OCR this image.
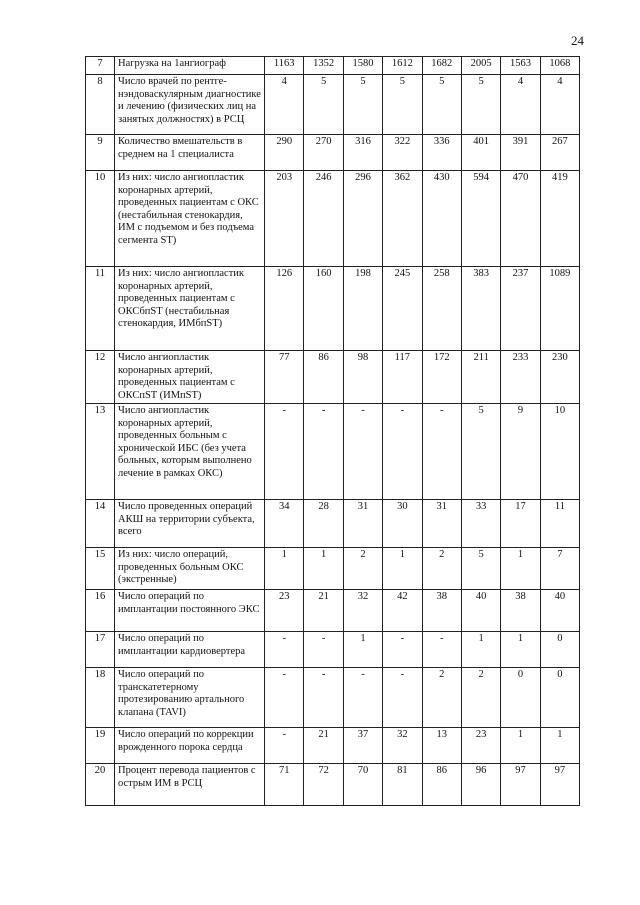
24
7	Нагрузка на 1ангиограф	1163	1352	1580	1612	1682	2005	1563	1068
8	Число врачей по рентге-нэндоваскулярным диагностике и лечению (физических лиц на занятых должностях) в РСЦ	4	5	5	5	5	5	4	4
9	Количество вмешательств в среднем на 1 специалиста	290	270	316	322	336	401	391	267
10	Из них: число ангиопластик коронарных артерий, проведенных пациентам с ОКС (нестабильная стенокардия, ИМ с подъемом и без подъема сегмента ST)	203	246	296	362	430	594	470	419
11	Из них: число ангиопластик коронарных артерий, проведенных пациентам с ОКСбпST (нестабильная стенокардия, ИМбпST)	126	160	198	245	258	383	237	1089
12	Число ангиопластик коронарных артерий, проведенных пациентам с ОКСпST (ИМпST)	77	86	98	117	172	211	233	230
13	Число ангиопластик коронарных артерий, проведенных больным с хронической ИБС (без учета больных, которым выполнено лечение в рамках ОКС)	-	-	-	-	-	5	9	10
14	Число проведенных операций АКШ на территории субъекта, всего	34	28	31	30	31	33	17	11
15	Из них: число операций, проведенных больным ОКС (экстренные)	1	1	2	1	2	5	1	7
16	Число операций по имплантации постоянного ЭКС	23	21	32	42	38	40	38	40
17	Число операций по имплантации кардиовертера	-	-	1	-	-	1	1	0
18	Число операций по транскатетерному протезированию артального клапана (TAVI)	-	-	-	-	2	2	0	0
19	Число операций по коррекции врожденного порока сердца	-	21	37	32	13	23	1	1
20	Процент перевода пациентов с острым ИМ в РСЦ	71	72	70	81	86	96	97	97
